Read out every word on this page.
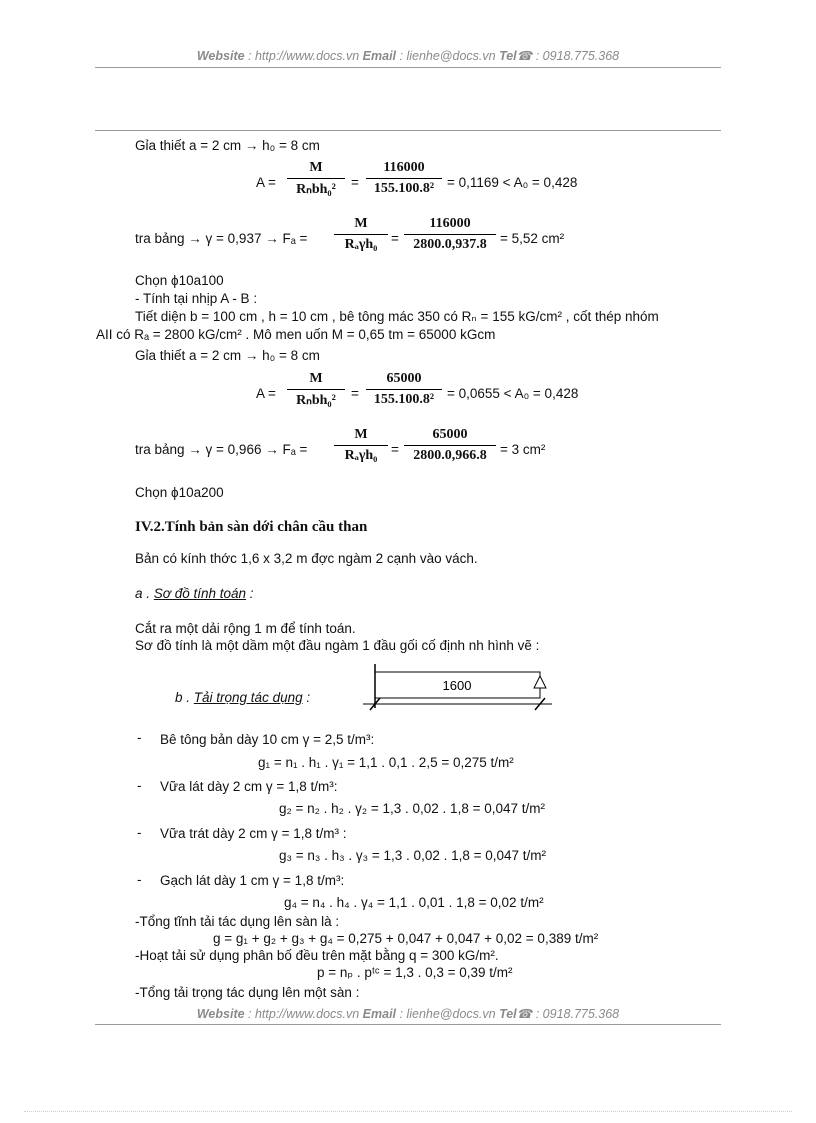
Website : http://www.docs.vn Email : lienhe@docs.vn Tel☎ : 0918.775.368
Gỉa thiết a = 2 cm → h₀ = 8 cm
A =
M
Rₙbh₀²	=
116000
155.100.8² = 0,1169 < A₀ = 0,428
tra bảng → γ = 0,937 → Fₐ =
M
Rₐγh₀	=
116000
2800.0,937.8 = 5,52 cm²
Chọn ϕ10a100
- Tính tại nhịp A - B :
Tiết diện b = 100 cm , h = 10 cm , bê tông mác 350 có Rₙ = 155 kG/cm² , cốt thép nhóm
AII có Rₐ = 2800 kG/cm² . Mô men uốn M = 0,65 tm = 65000 kGcm
Gỉa thiết a = 2 cm → h₀ = 8 cm
A =
M
Rₙbh₀²	=
65000
155.100.8² = 0,0655 < A₀ = 0,428
tra bảng → γ = 0,966 → Fₐ =
M
Rₐγh₀	=
65000
2800.0,966.8 = 3 cm²
Chọn ϕ10a200
IV.2.Tính bản sàn dới chân cầu than
Bản có kính thớc 1,6 x 3,2 m đợc ngàm 2 cạnh vào vách.
a . Sơ đồ tính toán :
Cắt ra một dải rộng 1 m để tính toán.
Sơ đồ tính là một dầm một đầu ngàm 1 đầu gối cố định nh hình vẽ :
b . Tải trọng tác dụng :
1600
- Bê tông bản dày 10 cm γ = 2,5 t/m³:
g₁ = n₁ . h₁ . γ₁ = 1,1 . 0,1 . 2,5 = 0,275 t/m²
- Vữa lát dày 2 cm γ = 1,8 t/m³:
g₂ = n₂ . h₂ . γ₂ = 1,3 . 0,02 . 1,8 = 0,047 t/m²
- Vữa trát dày 2 cm γ = 1,8 t/m³ :
g₃ = n₃ . h₃ . γ₃ = 1,3 . 0,02 . 1,8 = 0,047 t/m²
- Gạch lát dày 1 cm γ = 1,8 t/m³:
g₄ = n₄ . h₄ . γ₄ = 1,1 . 0,01 . 1,8 = 0,02 t/m²
-Tổng tĩnh tải tác dụng lên sàn là :
g = g₁ + g₂ + g₃ + g₄ = 0,275 + 0,047 + 0,047 + 0,02 = 0,389 t/m²
-Hoạt tải sử dụng phân bố đều trên mặt bằng q = 300 kG/m².
p = nₚ . pᵗᶜ = 1,3 . 0,3 = 0,39 t/m²
-Tổng tải trọng tác dụng lên một sàn :
Website : http://www.docs.vn Email : lienhe@docs.vn Tel☎ : 0918.775.368
